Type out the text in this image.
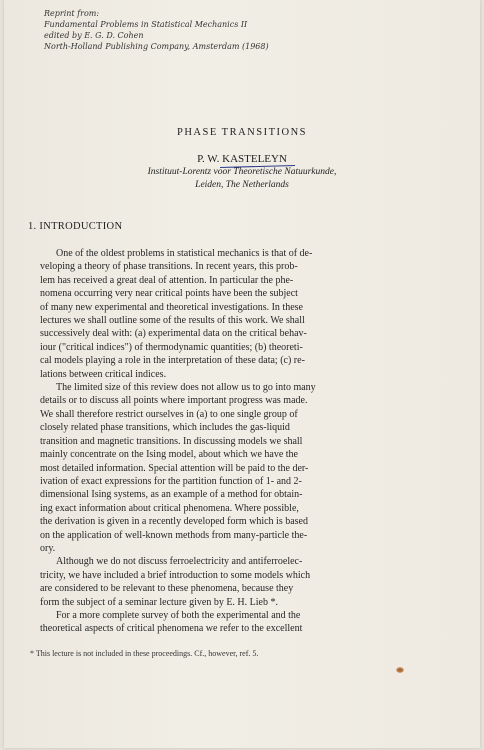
Reprint from:
Fundamental Problems in Statistical Mechanics II
edited by E. G. D. Cohen
North-Holland Publishing Company, Amsterdam (1968)
PHASE TRANSITIONS
P. W. KASTELEYN
Instituut-Lorentz voor Theoretische Natuurkunde,
Leiden, The Netherlands
1. INTRODUCTION
One of the oldest problems in statistical mechanics is that of de-
veloping a theory of phase transitions. In recent years, this prob-
lem has received a great deal of attention. In particular the phe-
nomena occurring very near critical points have been the subject
of many new experimental and theoretical investigations. In these
lectures we shall outline some of the results of this work. We shall
successively deal with: (a) experimental data on the critical behav-
iour ("critical indices") of thermodynamic quantities; (b) theoreti-
cal models playing a role in the interpretation of these data; (c) re-
lations between critical indices.
The limited size of this review does not allow us to go into many
details or to discuss all points where important progress was made.
We shall therefore restrict ourselves in (a) to one single group of
closely related phase transitions, which includes the gas-liquid
transition and magnetic transitions. In discussing models we shall
mainly concentrate on the Ising model, about which we have the
most detailed information. Special attention will be paid to the der-
ivation of exact expressions for the partition function of 1- and 2-
dimensional Ising systems, as an example of a method for obtain-
ing exact information about critical phenomena. Where possible,
the derivation is given in a recently developed form which is based
on the application of well-known methods from many-particle the-
ory.
Although we do not discuss ferroelectricity and antiferroelec-
tricity, we have included a brief introduction to some models which
are considered to be relevant to these phenomena, because they
form the subject of a seminar lecture given by E. H. Lieb *.
For a more complete survey of both the experimental and the
theoretical aspects of critical phenomena we refer to the excellent
* This lecture is not included in these proceedings. Cf., however, ref. 5.
